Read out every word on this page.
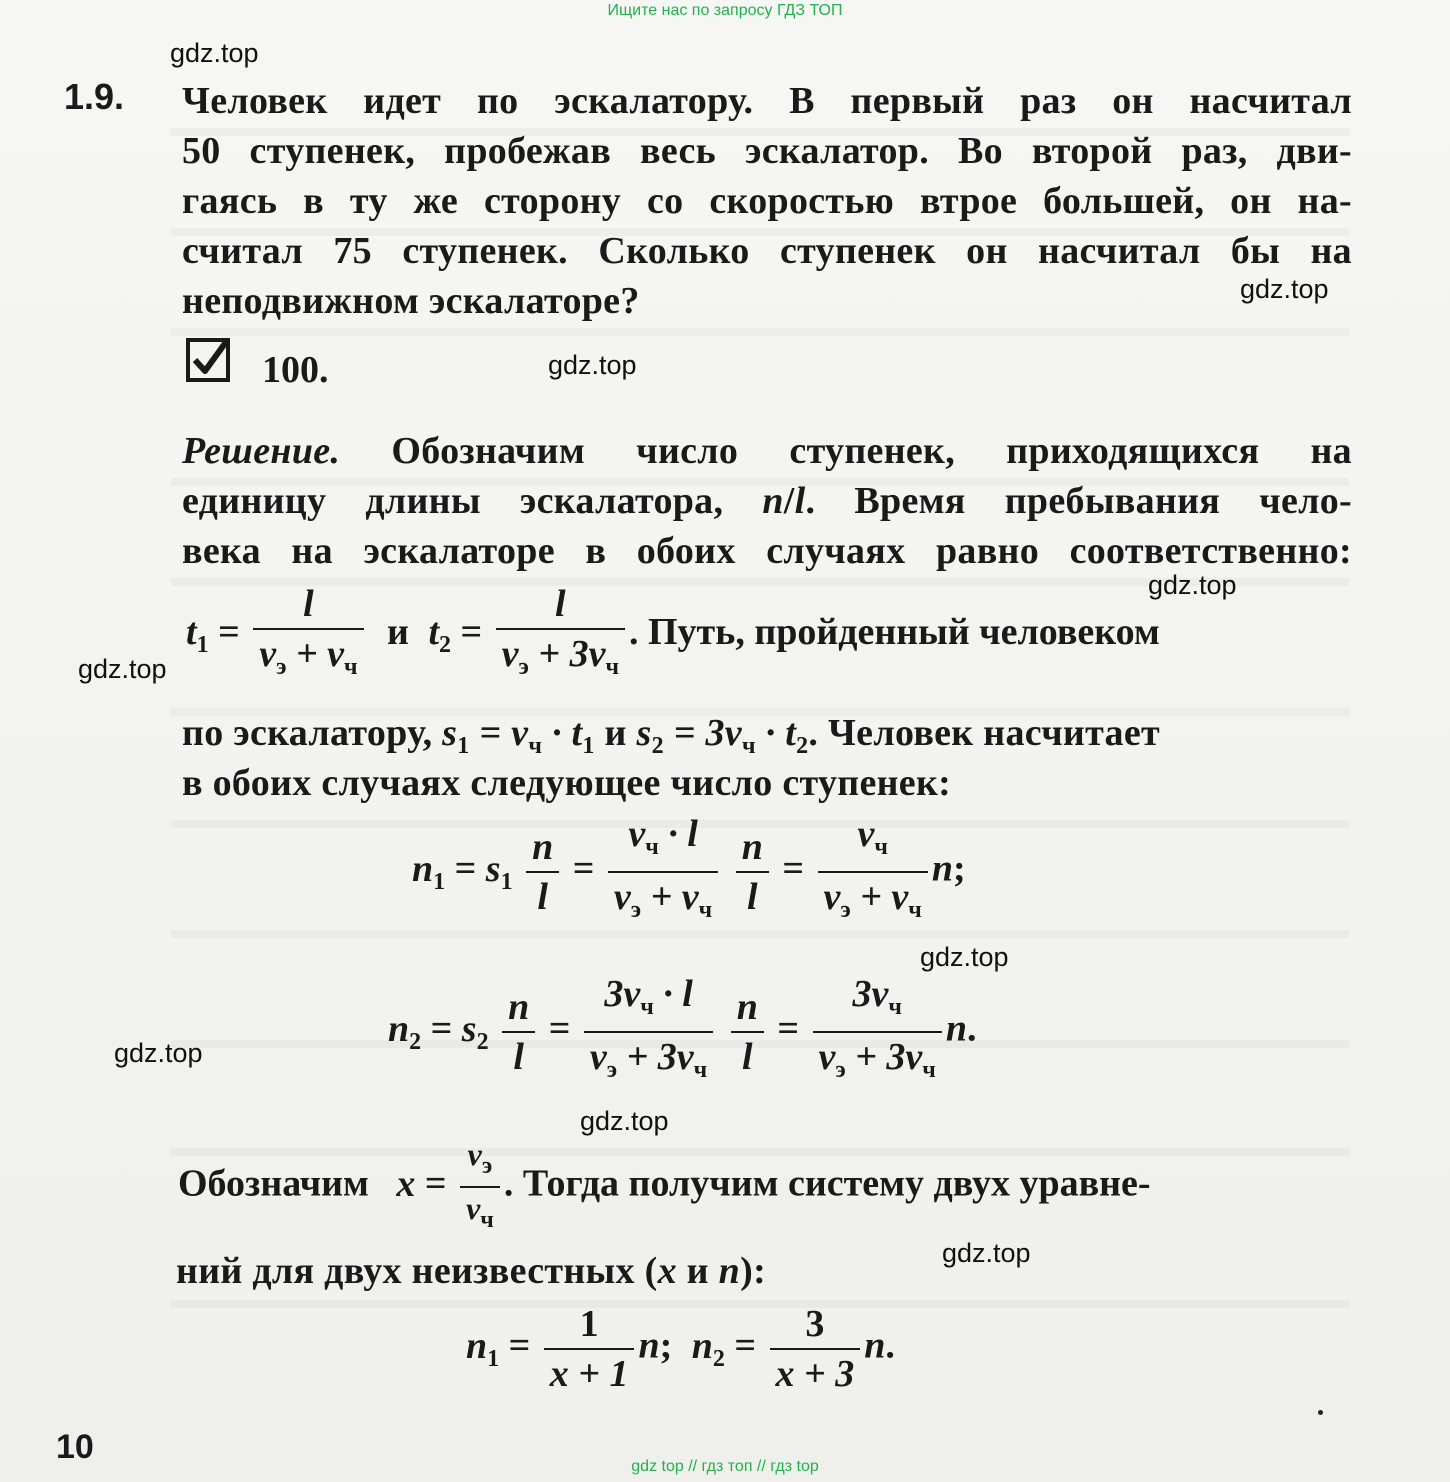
Ищите нас по запросу ГДЗ ТОП
gdz.top
gdz.top
gdz.top
gdz.top
gdz.top
gdz.top
gdz.top
gdz.top
gdz.top
1.9. Человек идет по эскалатору. В первый раз он насчитал
50 ступенек, пробежав весь эскалатор. Во второй раз, дви-
гаясь в ту же сторону со скоростью втрое большей, он на-
считал 75 ступенек. Сколько ступенек он насчитал бы на
неподвижном эскалаторе?
100.
Решение. Обозначим число ступенек, приходящихся на
единицу длины эскалатора, n/l. Время пребывания чело-
века на эскалаторе в обоих случаях равно соответственно:
$t_1 = \frac{l}{v_э + v_ч}$ и $t_2 = \frac{l}{v_э + 3v_ч}$ . Путь, пройденный человеком
по эскалатору, $s_1 = v_ч \cdot t_1$ и $s_2 = 3v_ч \cdot t_2$. Человек насчитает
в обоих случаях следующее число ступенек:
$n_1 = s_1 \frac{n}{l} = \frac{v_ч \cdot l}{v_э + v_ч}$
$\frac{n}{l} = \frac{v_ч}{v_э + v_ч} n$;
$n_2 = s_2 \frac{n}{l} = \frac{3v_ч \cdot l}{v_э + 3v_ч}$
$\frac{n}{l} = \frac{3v_ч}{v_э + 3v_ч} n$.
Обозначим $x = \frac{v_э}{v_ч}$ . Тогда получим систему двух уравне-
ний для двух неизвестных (x и n):
$n_1 = \frac{1}{x + 1} n$; $n_2 = \frac{3}{x + 3} n$.
10
gdz top // гдз топ // гдз top
